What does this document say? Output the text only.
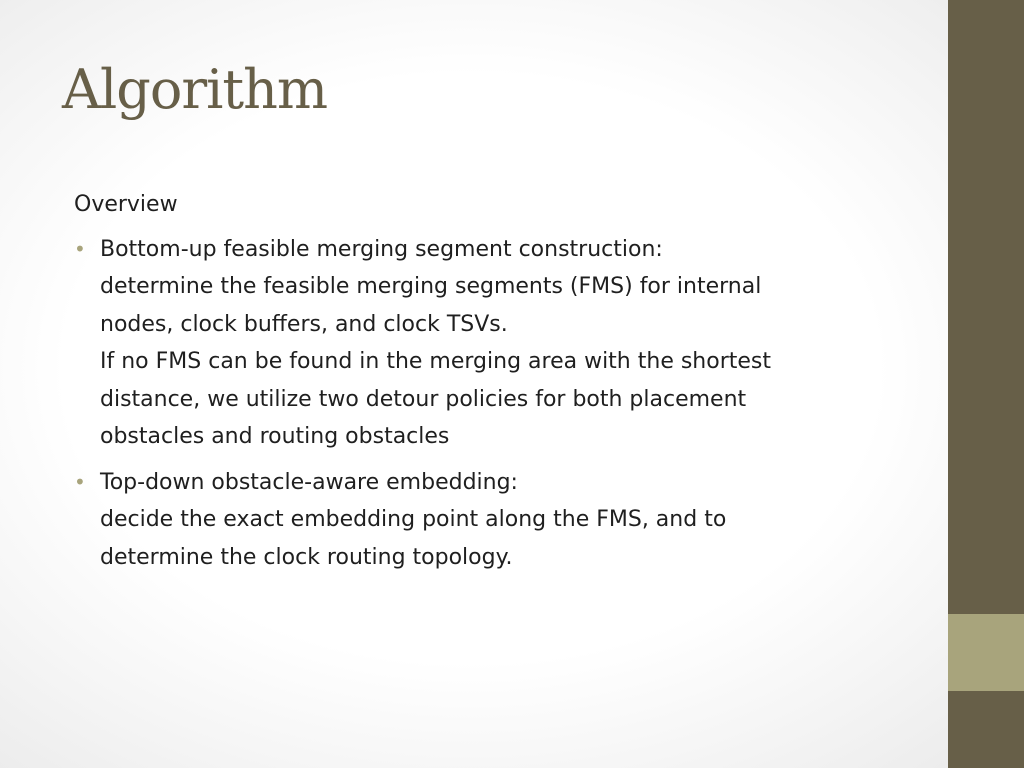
Algorithm
Overview
• Bottom-up feasible merging segment construction:
determine the feasible merging segments (FMS) for internal
nodes, clock buffers, and clock TSVs.
If no FMS can be found in the merging area with the shortest
distance, we utilize two detour policies for both placement
obstacles and routing obstacles
• Top-down obstacle-aware embedding:
decide the exact embedding point along the FMS, and to
determine the clock routing topology.
